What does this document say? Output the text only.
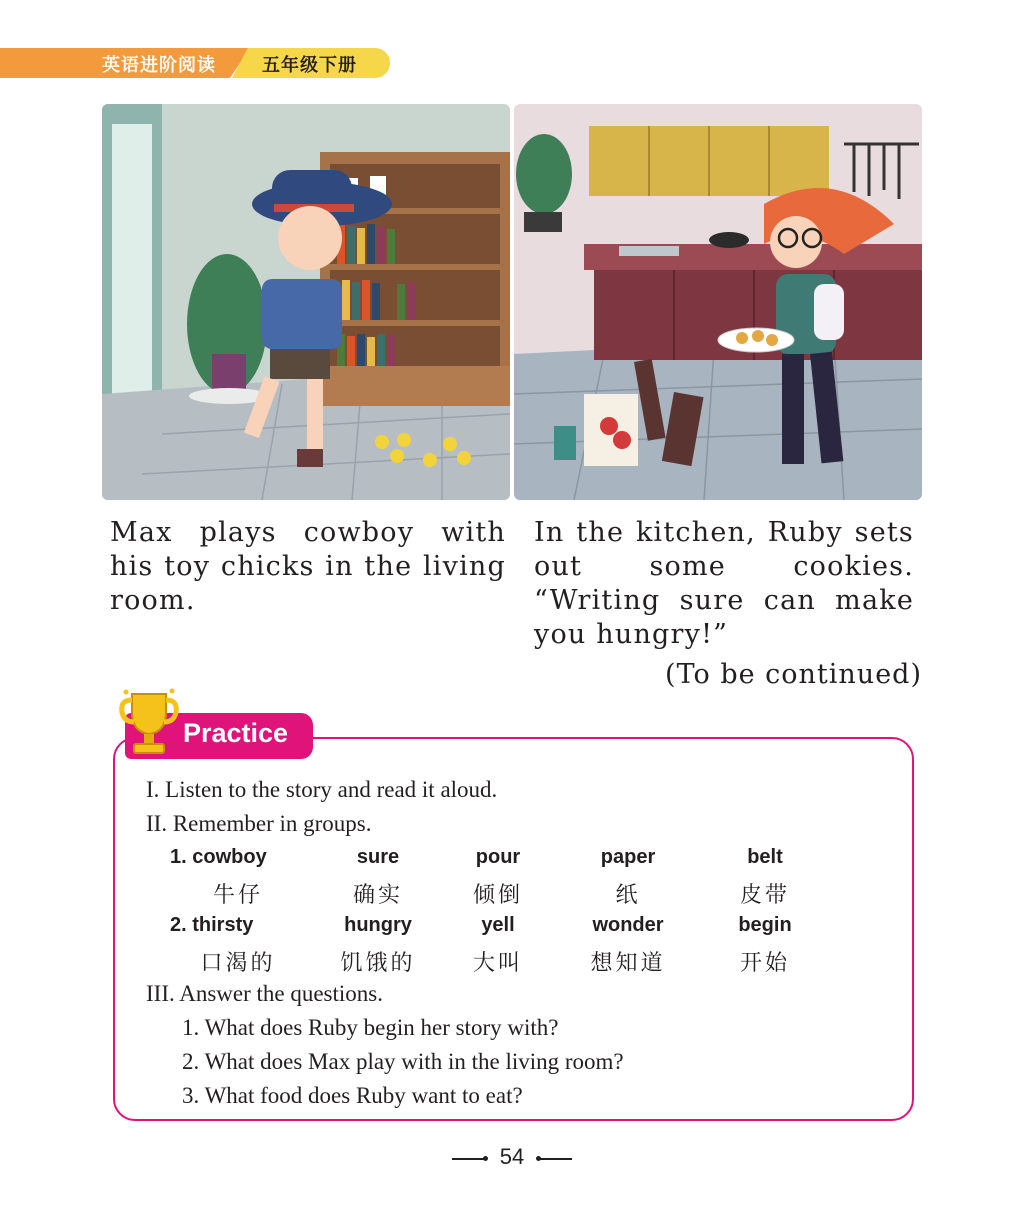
英语进阶阅读	五年级下册
Max plays cowboy with his toy chicks in the living room.
In the kitchen, Ruby sets out some cookies. “Writing sure can make you hungry!”
(To be continued)
Practice
I. Listen to the story and read it aloud.
II. Remember in groups.
1. cowboy	sure	pour	paper	belt
牛仔	确实	倾倒	纸	皮带
2. thirsty	hungry	yell	wonder	begin
口渴的	饥饿的	大叫	想知道	开始
III. Answer the questions.
1. What does Ruby begin her story with?
2. What does Max play with in the living room?
3. What food does Ruby want to eat?
54
